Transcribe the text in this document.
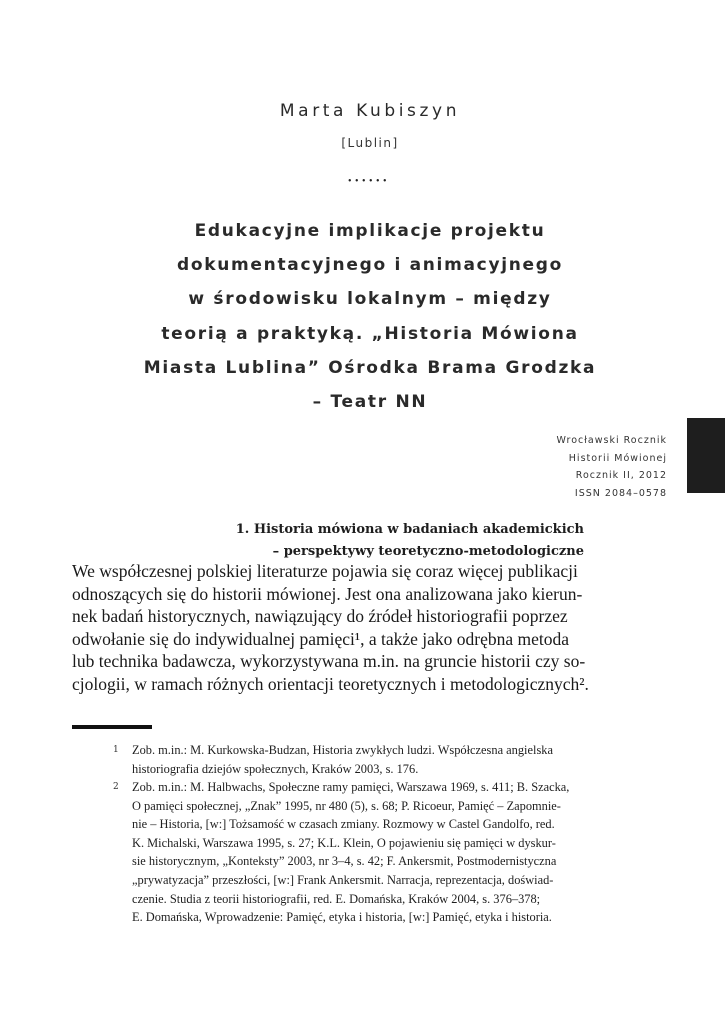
Marta Kubiszyn
[Lublin]
••••••
Edukacyjne implikacje projektu
dokumentacyjnego i animacyjnego
w środowisku lokalnym – między
teorią a praktyką. „Historia Mówiona
Miasta Lublina” Ośrodka Brama Grodzka
– Teatr NN
Wrocławski Rocznik
Historii Mówionej
Rocznik II, 2012
ISSN 2084–0578
1. Historia mówiona w badaniach akademickich
– perspektywy teoretyczno-metodologiczne
We współczesnej polskiej literaturze pojawia się coraz więcej publikacji
odnoszących się do historii mówionej. Jest ona analizowana jako kierun-
nek badań historycznych, nawiązujący do źródeł historiografii poprzez
odwołanie się do indywidualnej pamięci¹, a także jako odrębna metoda
lub technika badawcza, wykorzystywana m.in. na gruncie historii czy so-
cjologii, w ramach różnych orientacji teoretycznych i metodologicznych².
1 Zob. m.in.: M. Kurkowska-Budzan, Historia zwykłych ludzi. Współczesna angielska
historiografia dziejów społecznych, Kraków 2003, s. 176.
2 Zob. m.in.: M. Halbwachs, Społeczne ramy pamięci, Warszawa 1969, s. 411; B. Szacka,
O pamięci społecznej, „Znak” 1995, nr 480 (5), s. 68; P. Ricoeur, Pamięć – Zapomnie-
nie – Historia, [w:] Tożsamość w czasach zmiany. Rozmowy w Castel Gandolfo, red.
K. Michalski, Warszawa 1995, s. 27; K.L. Klein, O pojawieniu się pamięci w dyskur-
sie historycznym, „Konteksty” 2003, nr 3–4, s. 42; F. Ankersmit, Postmodernistyczna
„prywatyzacja” przeszłości, [w:] Frank Ankersmit. Narracja, reprezentacja, doświad-
czenie. Studia z teorii historiografii, red. E. Domańska, Kraków 2004, s. 376–378;
E. Domańska, Wprowadzenie: Pamięć, etyka i historia, [w:] Pamięć, etyka i historia.
